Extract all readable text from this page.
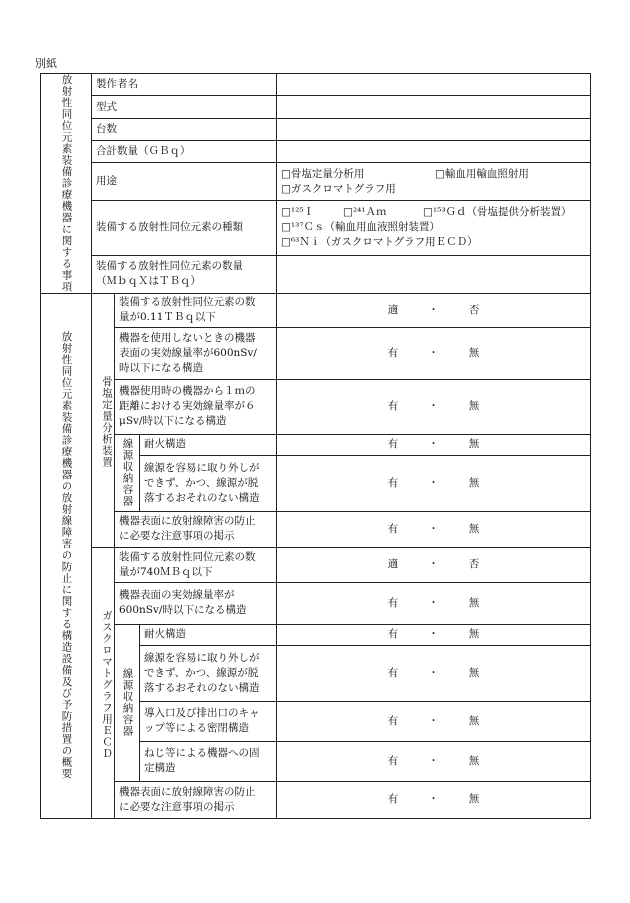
別紙
放射性同位元素装備診療機器に関する事項	製作者名			
	型式			
	台数			
	合計数量（ＧＢｑ）			
	用途			□骨塩定量分析用 □輸血用輸血照射用
□ガスクロマトグラフ用

	装備する放射性同位元素の種類			□¹²⁵Ｉ □²⁴¹Ａｍ □¹⁵³Ｇｄ（骨塩提供分析装置）
□¹³⁷Ｃｓ（輸血用血液照射装置）
□⁶³Ｎｉ（ガスクロマトグラフ用ＥＣＤ）

	装備する放射性同位元素の数量
（ＭｂｑＸはＴＢｑ）			

放射性同位元素装備診療機器の放射線障害の防止に関する構造設備及び予防措置の概要	骨塩定量分析装置	装備する放射性同位元素の数
量が0.11ＴＢｑ以下		適 ・ 否

		機器を使用しないときの機器
表面の実効線量率が600nSv/
時以下になる構造		有 ・ 無

		機器使用時の機器から１ｍの
距離における実効線量率が６
μSv/時以下になる構造		有 ・ 無
		線源収納容器	耐火構造	有 ・ 無

			線源を容易に取り外しが
できず、かつ、線源が脱
落するおそれのない構造	有 ・ 無

		機器表面に放射線障害の防止
に必要な注意事項の掲示		有 ・ 無
	ガスクロマトグラフ用ＥＣＤ	装備する放射性同位元素の数
量が740ＭＢｑ以下		適 ・ 否

		機器表面の実効線量率が
600nSv/時以下になる構造		有 ・ 無
		線源収納容器	耐火構造	有 ・ 無

			線源を容易に取り外しが
できず、かつ、線源が脱
落するおそれのない構造	有 ・ 無

			導入口及び排出口のキャ
ップ等による密閉構造	有 ・ 無

			ねじ等による機器への固
定構造	有 ・ 無

		機器表面に放射線障害の防止
に必要な注意事項の掲示		有 ・ 無
